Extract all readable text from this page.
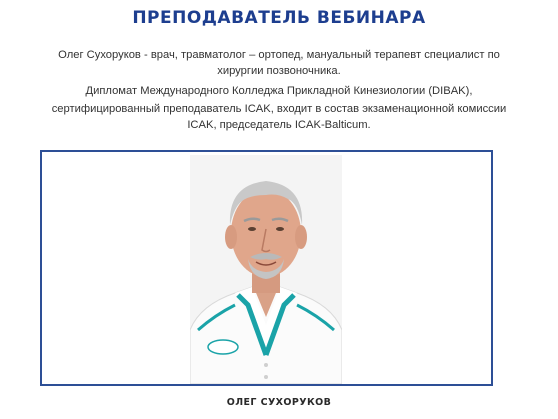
ПРЕПОДАВАТЕЛЬ ВЕБИНАРА
Олег Сухоруков - врач, травматолог – ортопед, мануальный терапевт специалист по хирургии позвоночника.
Дипломат Международного Колледжа Прикладной Кинезиологии (DIBAK),
сертифицированный преподаватель ICAK, входит в состав экзаменационной комиссии ICAK, председатель ICAK-Balticum.
ОЛЕГ СУХОРУКОВ
